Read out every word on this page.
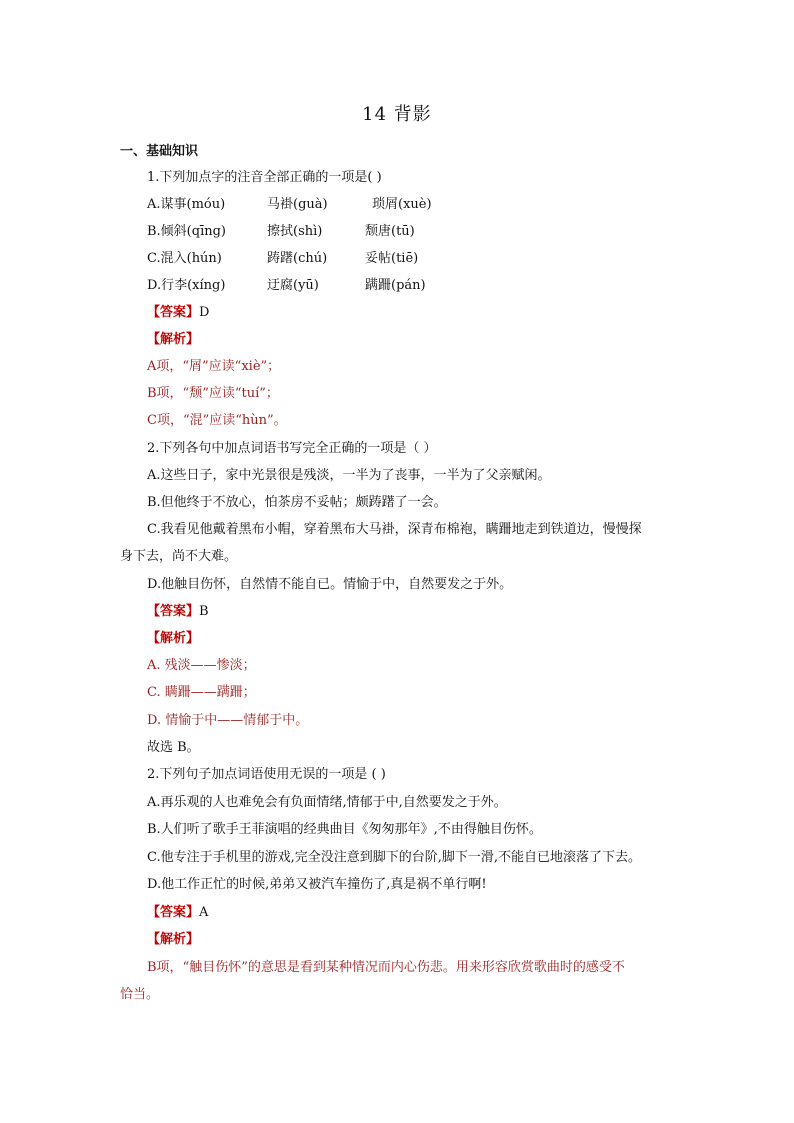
14 背影
一、基础知识
1.下列加点字的注音全部正确的一项是( )
A.谋事(móu)	马褂(guà)	琐屑(xuè)
B.倾斜(qīng)	擦拭(shì)	颓唐(tū)
C.混入(hún)	踌躇(chú)	妥帖(tiē)
D.行李(xíng)	迂腐(yū)	蹒跚(pán)
【答案】D
【解析】
A项，“屑”应读“xiè”；
B项，“颓”应读“tuí”；
C项，“混”应读“hùn”。
2.下列各句中加点词语书写完全正确的一项是（ ）
A.这些日子，家中光景很是残淡，一半为了丧事，一半为了父亲赋闲。
B.但他终于不放心，怕茶房不妥帖；颇踌躇了一会。
C.我看见他戴着黑布小帽，穿着黑布大马褂，深青布棉袍，瞒跚地走到铁道边，慢慢探
身下去，尚不大难。
D.他触目伤怀，自然情不能自已。情愉于中，自然要发之于外。
【答案】B
【解析】
A. 残淡——惨淡；
C. 瞒跚——蹒跚；
D. 情愉于中——情郁于中。
故选 B。
2.下列句子加点词语使用无误的一项是 ( )
A.再乐观的人也难免会有负面情绪,情郁于中,自然要发之于外。
B.人们听了歌手王菲演唱的经典曲目《匆匆那年》,不由得触目伤怀。
C.他专注于手机里的游戏,完全没注意到脚下的台阶,脚下一滑,不能自已地滚落了下去。
D.他工作正忙的时候,弟弟又被汽车撞伤了,真是祸不单行啊!
【答案】A
【解析】
B项，“触目伤怀”的意思是看到某种情况而内心伤悲。用来形容欣赏歌曲时的感受不
恰当。
